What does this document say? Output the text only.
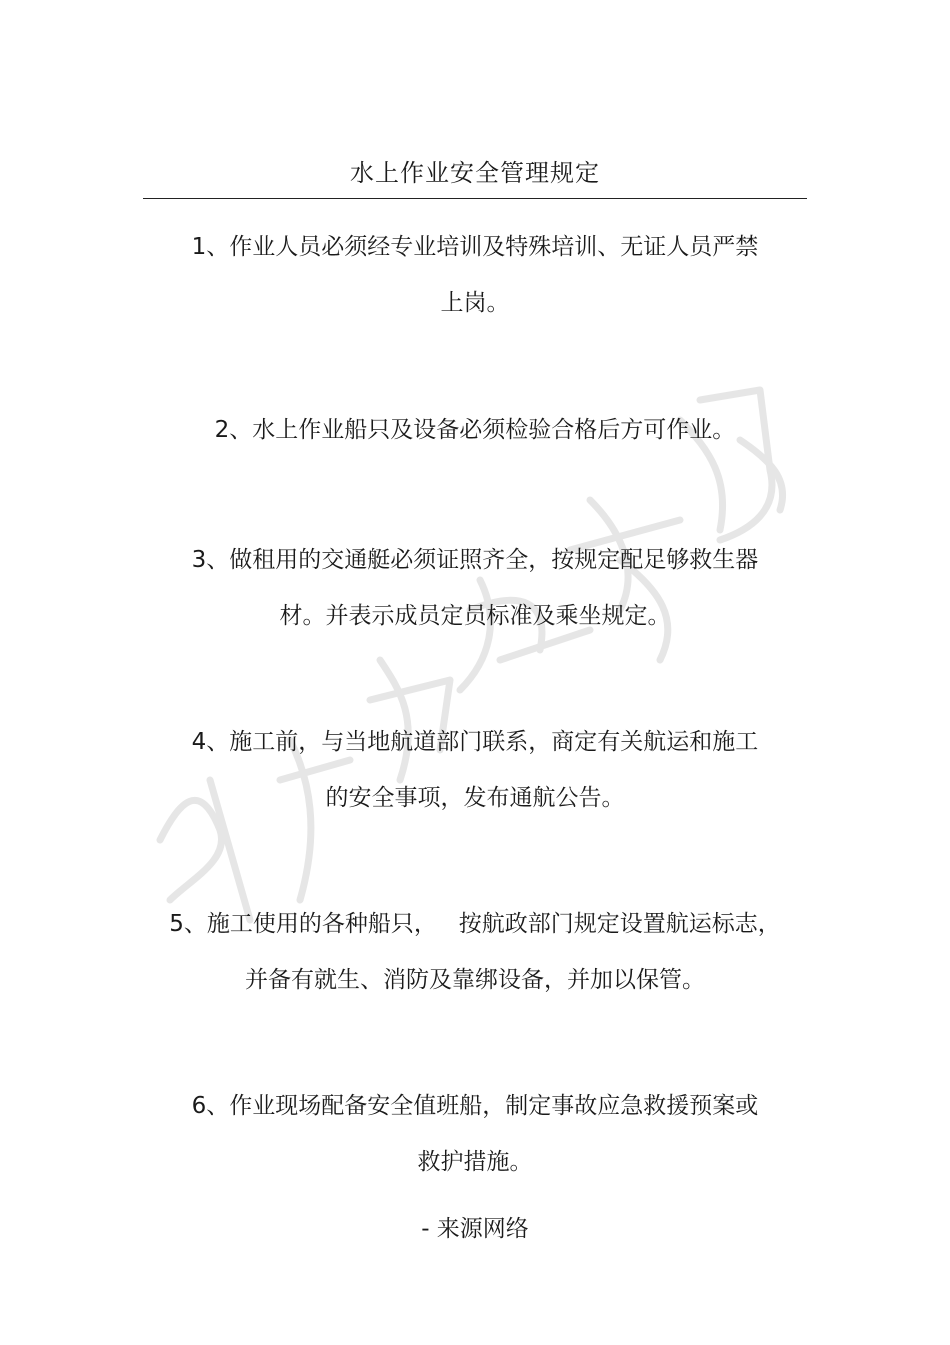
水上作业安全管理规定
1、作业人员必须经专业培训及特殊培训、无证人员严禁
上岗。
2、水上作业船只及设备必须检验合格后方可作业。
3、做租用的交通艇必须证照齐全，按规定配足够救生器
材。并表示成员定员标准及乘坐规定。
4、施工前，与当地航道部门联系，商定有关航运和施工
的安全事项，发布通航公告。
5、施工使用的各种船只，   按航政部门规定设置航运标志，
并备有就生、消防及靠绑设备，并加以保管。
6、作业现场配备安全值班船，制定事故应急救援预案或
救护措施。
- 来源网络
